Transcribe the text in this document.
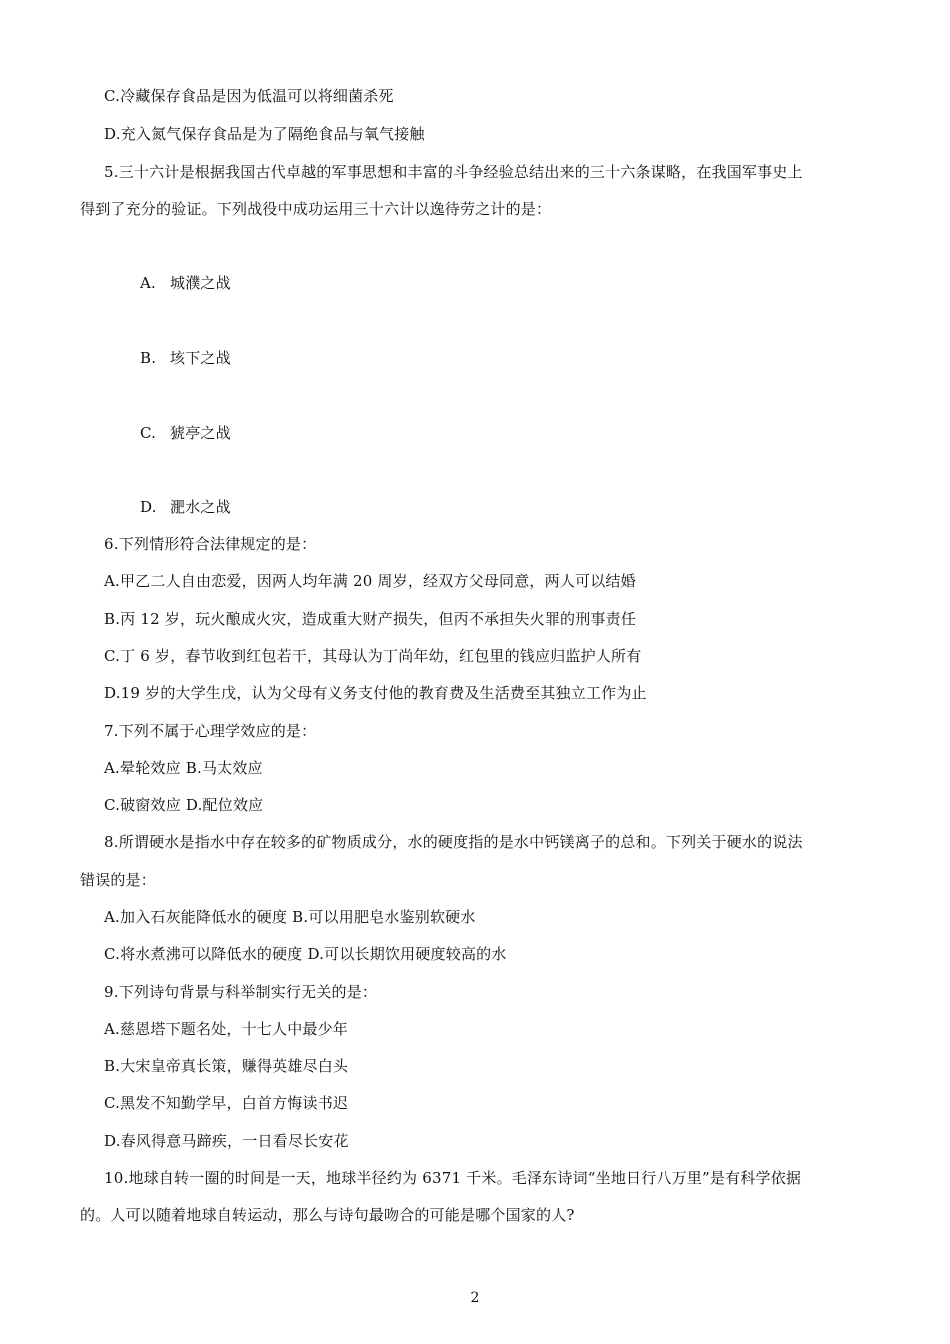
C.冷藏保存食品是因为低温可以将细菌杀死
D.充入氮气保存食品是为了隔绝食品与氧气接触
5.三十六计是根据我国古代卓越的军事思想和丰富的斗争经验总结出来的三十六条谋略，在我国军事史上
得到了充分的验证。下列战役中成功运用三十六计以逸待劳之计的是：
A. 城濮之战
B. 垓下之战
C. 猇亭之战
D. 淝水之战
6.下列情形符合法律规定的是：
A.甲乙二人自由恋爱，因两人均年满 20 周岁，经双方父母同意，两人可以结婚
B.丙 12 岁，玩火酿成火灾，造成重大财产损失，但丙不承担失火罪的刑事责任
C.丁 6 岁，春节收到红包若干，其母认为丁尚年幼，红包里的钱应归监护人所有
D.19 岁的大学生戊，认为父母有义务支付他的教育费及生活费至其独立工作为止
7.下列不属于心理学效应的是：
A.晕轮效应 B.马太效应
C.破窗效应 D.配位效应
8.所谓硬水是指水中存在较多的矿物质成分，水的硬度指的是水中钙镁离子的总和。下列关于硬水的说法
错误的是：
A.加入石灰能降低水的硬度 B.可以用肥皂水鉴别软硬水
C.将水煮沸可以降低水的硬度 D.可以长期饮用硬度较高的水
9.下列诗句背景与科举制实行无关的是：
A.慈恩塔下题名处，十七人中最少年
B.大宋皇帝真长策，赚得英雄尽白头
C.黑发不知勤学早，白首方悔读书迟
D.春风得意马蹄疾，一日看尽长安花
10.地球自转一圈的时间是一天，地球半径约为 6371 千米。毛泽东诗词“坐地日行八万里”是有科学依据
的。人可以随着地球自转运动，那么与诗句最吻合的可能是哪个国家的人?
2
